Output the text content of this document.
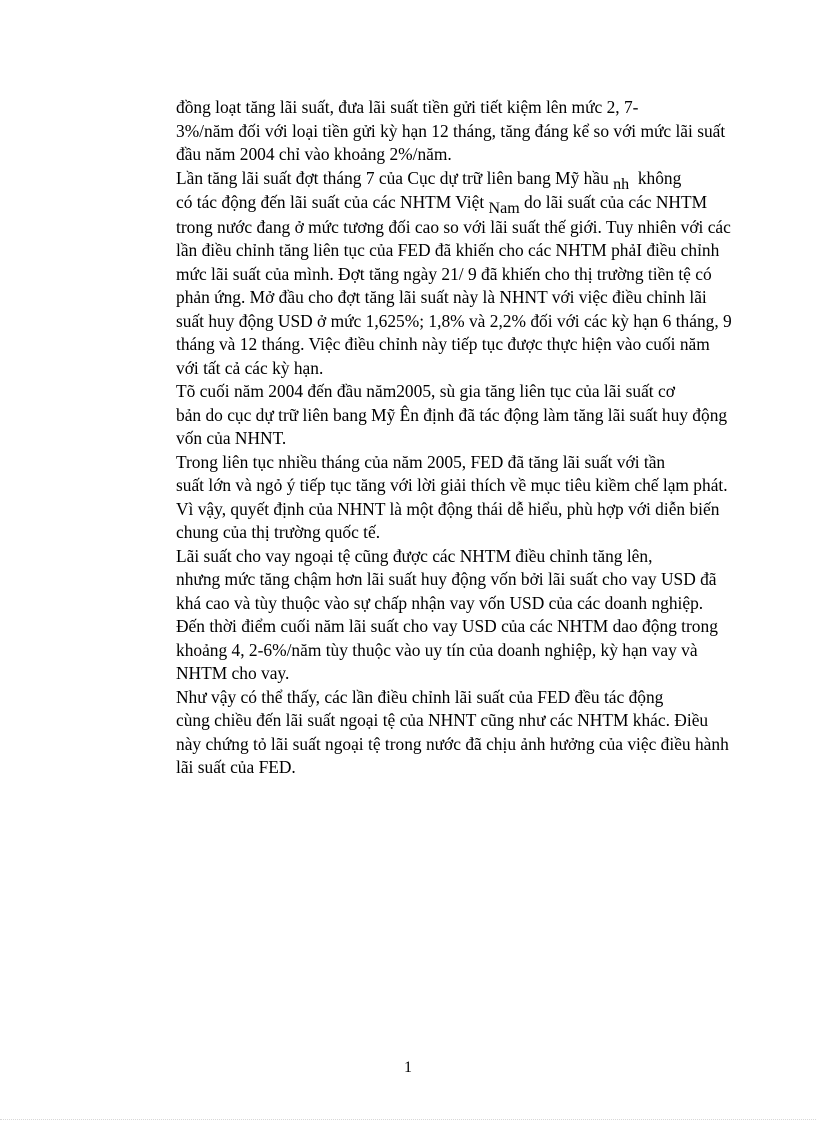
đồng loạt tăng lãi suất, đưa lãi suất tiền gửi tiết kiệm lên mức 2, 7-
3%/năm đối với loại tiền gửi kỳ hạn 12 tháng, tăng đáng kể so với mức lãi suất
đầu năm 2004 chỉ vào khoảng 2%/năm.

Lần tăng lãi suất đợt tháng 7 của Cục dự trữ liên bang Mỹ hầu nh không
có tác động đến lãi suất của các NHTM Việt Nam do lãi suất của các NHTM
trong nước đang ở mức tương đối cao so với lãi suất thế giới. Tuy nhiên với các
lần điều chỉnh tăng liên tục của FED đã khiến cho các NHTM phảI điều chỉnh
mức lãi suất của mình. Đợt tăng ngày 21/ 9 đã khiến cho thị trường tiền tệ có
phản ứng. Mở đầu cho đợt tăng lãi suất này là NHNT với việc điều chỉnh lãi
suất huy động USD ở mức 1,625%; 1,8% và 2,2% đối với các kỳ hạn 6 tháng, 9
tháng và 12 tháng. Việc điều chỉnh này tiếp tục được thực hiện vào cuối năm
với tất cả các kỳ hạn.

Tõ cuối năm 2004 đến đầu năm2005, sù gia tăng liên tục của lãi suất cơ
bản do cục dự trữ liên bang Mỹ Ên định đã tác động làm tăng lãi suất huy động
vốn của NHNT.

Trong liên tục nhiều tháng của năm 2005, FED đã tăng lãi suất với tần
suất lớn và ngỏ ý tiếp tục tăng với lời giải thích về mục tiêu kiềm chế lạm phát.
Vì vậy, quyết định của NHNT là một động thái dễ hiểu, phù hợp với diễn biến
chung của thị trường quốc tế.

Lãi suất cho vay ngoại tệ cũng được các NHTM điều chỉnh tăng lên,
nhưng mức tăng chậm hơn lãi suất huy động vốn bởi lãi suất cho vay USD đã
khá cao và tùy thuộc vào sự chấp nhận vay vốn USD của các doanh nghiệp.
Đến thời điểm cuối năm lãi suất cho vay USD của các NHTM dao động trong
khoảng 4, 2-6%/năm tùy thuộc vào uy tín của doanh nghiệp, kỳ hạn vay và
NHTM cho vay.

Như vậy có thể thấy, các lần điều chỉnh lãi suất của FED đều tác động
cùng chiều đến lãi suất ngoại tệ của NHNT cũng như các NHTM khác. Điều
này chứng tỏ lãi suất ngoại tệ trong nước đã chịu ảnh hưởng của việc điều hành
lãi suất của FED.

1
